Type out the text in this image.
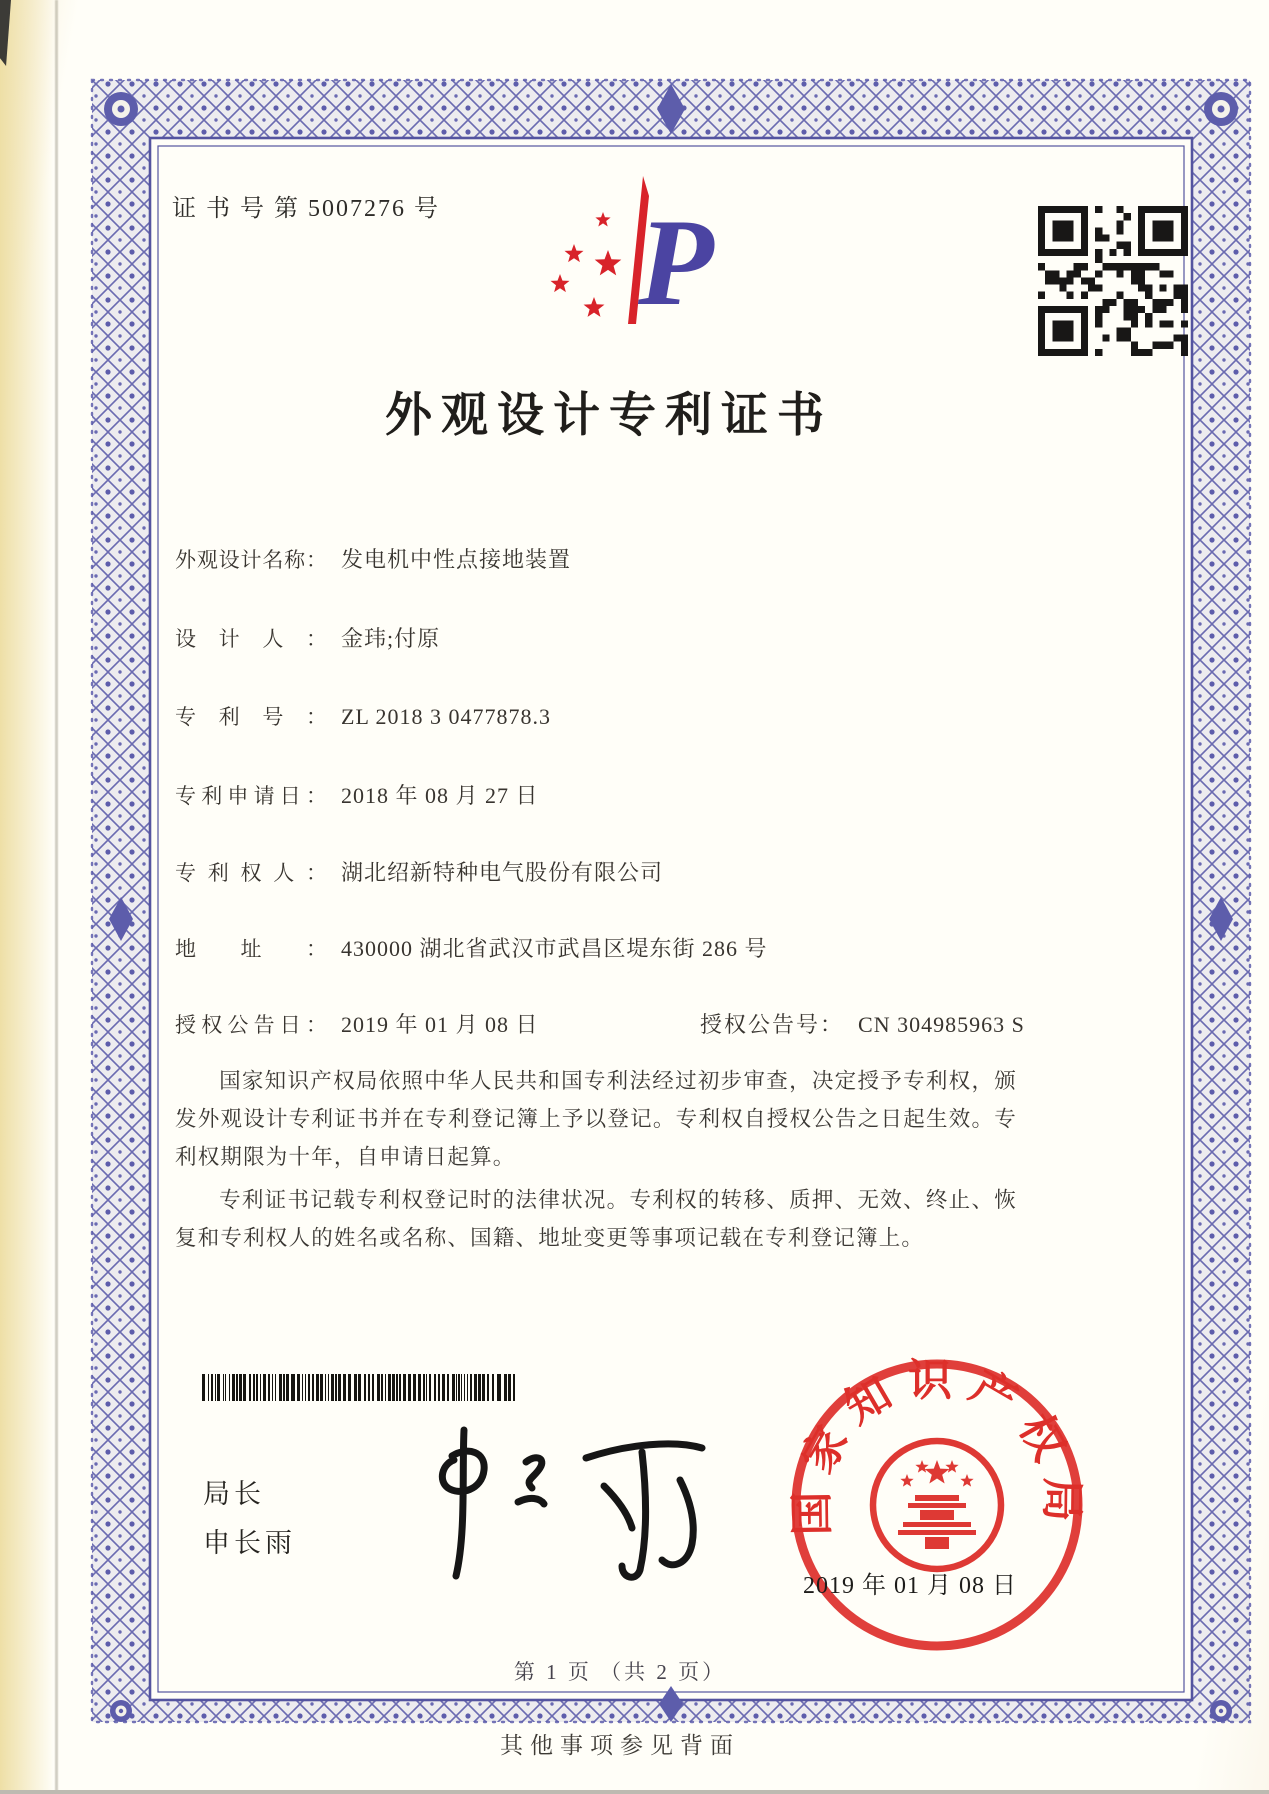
证 书 号 第 5007276 号 P
外观设计专利证书
外观设计名称： 发电机中性点接地装置
设计人： 金玮;付原
专利号： ZL 2018 3 0477878.3
专利申请日： 2018 年 08 月 27 日
专利权人： 湖北绍新特种电气股份有限公司
地址： 430000 湖北省武汉市武昌区堤东街 286 号
授权公告日： 2019 年 01 月 08 日	授权公告号： CN 304985963 S

国家知识产权局依照中华人民共和国专利法经过初步审查，决定授予专利权，颁发外观设计专利证书并在专利登记簿上予以登记。专利权自授权公告之日起生效。专利权期限为十年，自申请日起算。

专利证书记载专利权登记时的法律状况。专利权的转移、质押、无效、终止、恢复和专利权人的姓名或名称、国籍、地址变更等事项记载在专利登记簿上。

局长
申长雨
国家知识产权局
2019 年 01 月 08 日
第 1 页 （共 2 页）
其他事项参见背面
